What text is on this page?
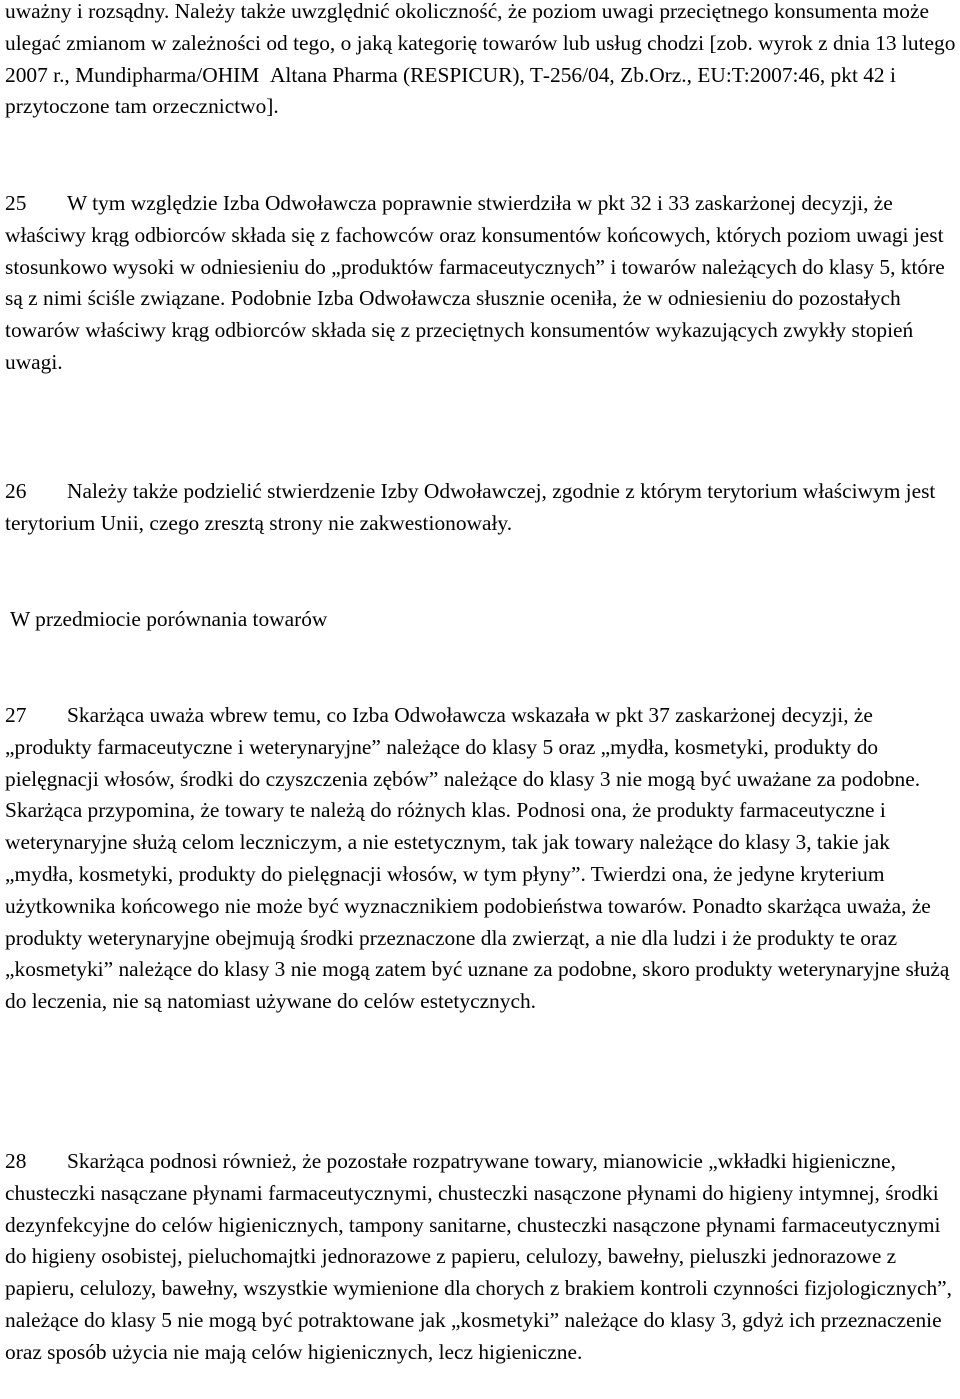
uważny i rozsądny. Należy także uwzględnić okoliczność, że poziom uwagi przeciętnego konsumenta może ulegać zmianom w zależności od tego, o jaką kategorię towarów lub usług chodzi [zob. wyrok z dnia 13 lutego 2007 r., Mundipharma/OHIM  Altana Pharma (RESPICUR), T‑256/04, Zb.Orz., EU:T:2007:46, pkt 42 i przytoczone tam orzecznictwo].

25 W tym względzie Izba Odwoławcza poprawnie stwierdziła w pkt 32 i 33 zaskarżonej decyzji, że właściwy krąg odbiorców składa się z fachowców oraz konsumentów końcowych, których poziom uwagi jest stosunkowo wysoki w odniesieniu do „produktów farmaceutycznych” i towarów należących do klasy 5, które są z nimi ściśle związane. Podobnie Izba Odwoławcza słusznie oceniła, że w odniesieniu do pozostałych towarów właściwy krąg odbiorców składa się z przeciętnych konsumentów wykazujących zwykły stopień uwagi.

26 Należy także podzielić stwierdzenie Izby Odwoławczej, zgodnie z którym terytorium właściwym jest terytorium Unii, czego zresztą strony nie zakwestionowały.

W przedmiocie porównania towarów

27 Skarżąca uważa wbrew temu, co Izba Odwoławcza wskazała w pkt 37 zaskarżonej decyzji, że „produkty farmaceutyczne i weterynaryjne” należące do klasy 5 oraz „mydła, kosmetyki, produkty do pielęgnacji włosów, środki do czyszczenia zębów” należące do klasy 3 nie mogą być uważane za podobne. Skarżąca przypomina, że towary te należą do różnych klas. Podnosi ona, że produkty farmaceutyczne i weterynaryjne służą celom leczniczym, a nie estetycznym, tak jak towary należące do klasy 3, takie jak „mydła, kosmetyki, produkty do pielęgnacji włosów, w tym płyny”. Twierdzi ona, że jedyne kryterium użytkownika końcowego nie może być wyznacznikiem podobieństwa towarów. Ponadto skarżąca uważa, że produkty weterynaryjne obejmują środki przeznaczone dla zwierząt, a nie dla ludzi i że produkty te oraz „kosmetyki” należące do klasy 3 nie mogą zatem być uznane za podobne, skoro produkty weterynaryjne służą do leczenia, nie są natomiast używane do celów estetycznych.

28 Skarżąca podnosi również, że pozostałe rozpatrywane towary, mianowicie „wkładki higieniczne, chusteczki nasączane płynami farmaceutycznymi, chusteczki nasączone płynami do higieny intymnej, środki dezynfekcyjne do celów higienicznych, tampony sanitarne, chusteczki nasączone płynami farmaceutycznymi do higieny osobistej, pieluchomajtki jednorazowe z papieru, celulozy, bawełny, pieluszki jednorazowe z papieru, celulozy, bawełny, wszystkie wymienione dla chorych z brakiem kontroli czynności fizjologicznych”, należące do klasy 5 nie mogą być potraktowane jak „kosmetyki” należące do klasy 3, gdyż ich przeznaczenie oraz sposób użycia nie mają celów higienicznych, lecz higieniczne.
